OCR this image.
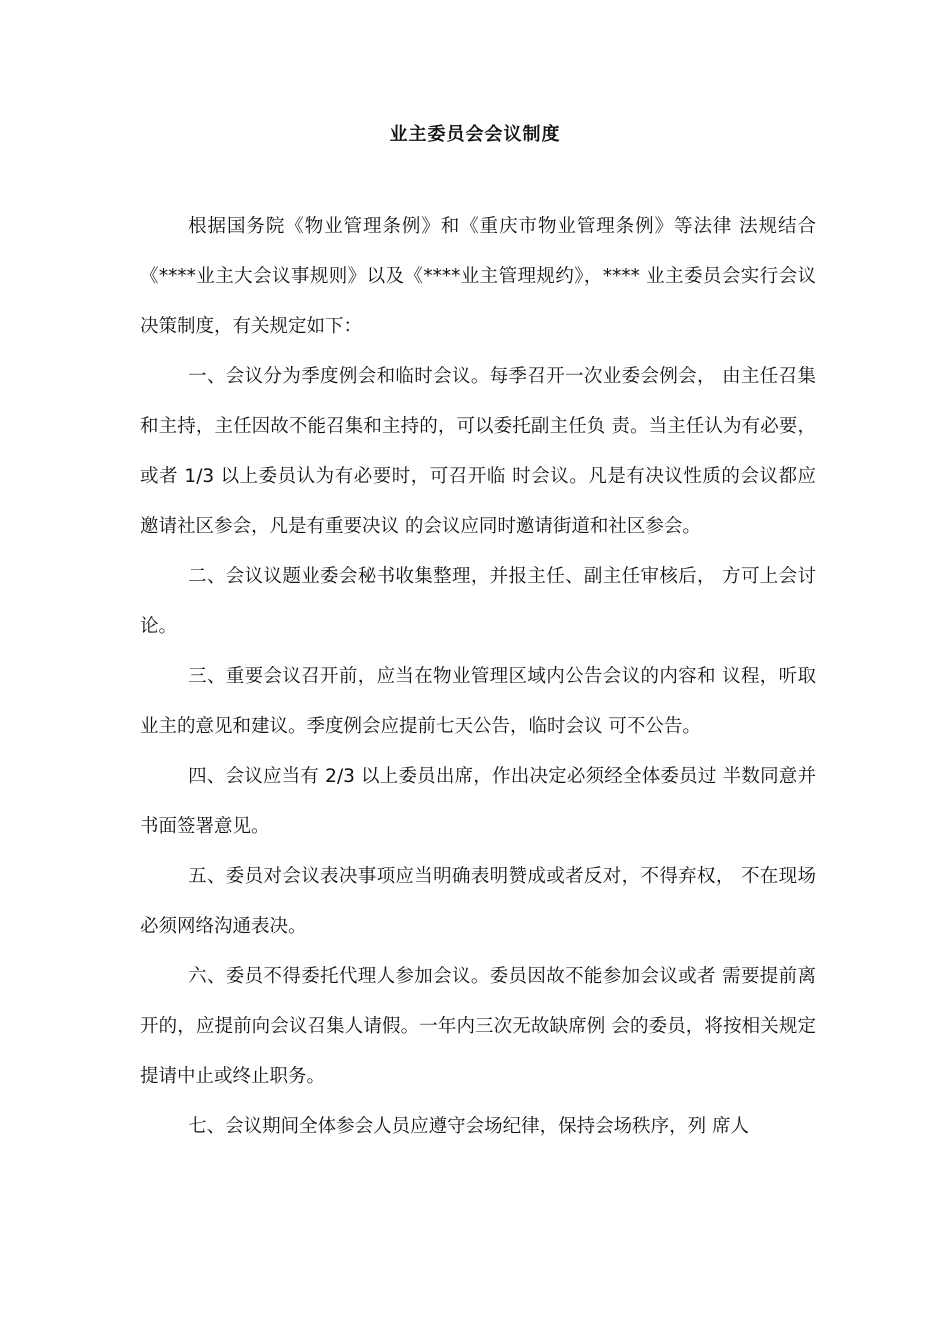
业主委员会会议制度

根据国务院《物业管理条例》和《重庆市物业管理条例》等法律 法规结合《****业主大会议事规则》以及《****业主管理规约》，**** 业主委员会实行会议决策制度，有关规定如下：

一、会议分为季度例会和临时会议。每季召开一次业委会例会， 由主任召集和主持，主任因故不能召集和主持的，可以委托副主任负 责。当主任认为有必要，或者 1/3 以上委员认为有必要时，可召开临 时会议。凡是有决议性质的会议都应邀请社区参会，凡是有重要决议 的会议应同时邀请街道和社区参会。

二、会议议题业委会秘书收集整理，并报主任、副主任审核后， 方可上会讨论。

三、重要会议召开前，应当在物业管理区域内公告会议的内容和 议程，听取业主的意见和建议。季度例会应提前七天公告，临时会议 可不公告。

四、会议应当有 2/3 以上委员出席，作出决定必须经全体委员过 半数同意并书面签署意见。

五、委员对会议表决事项应当明确表明赞成或者反对，不得弃权， 不在现场必须网络沟通表决。

六、委员不得委托代理人参加会议。委员因故不能参加会议或者 需要提前离开的，应提前向会议召集人请假。一年内三次无故缺席例 会的委员，将按相关规定提请中止或终止职务。

七、会议期间全体参会人员应遵守会场纪律，保持会场秩序，列 席人
